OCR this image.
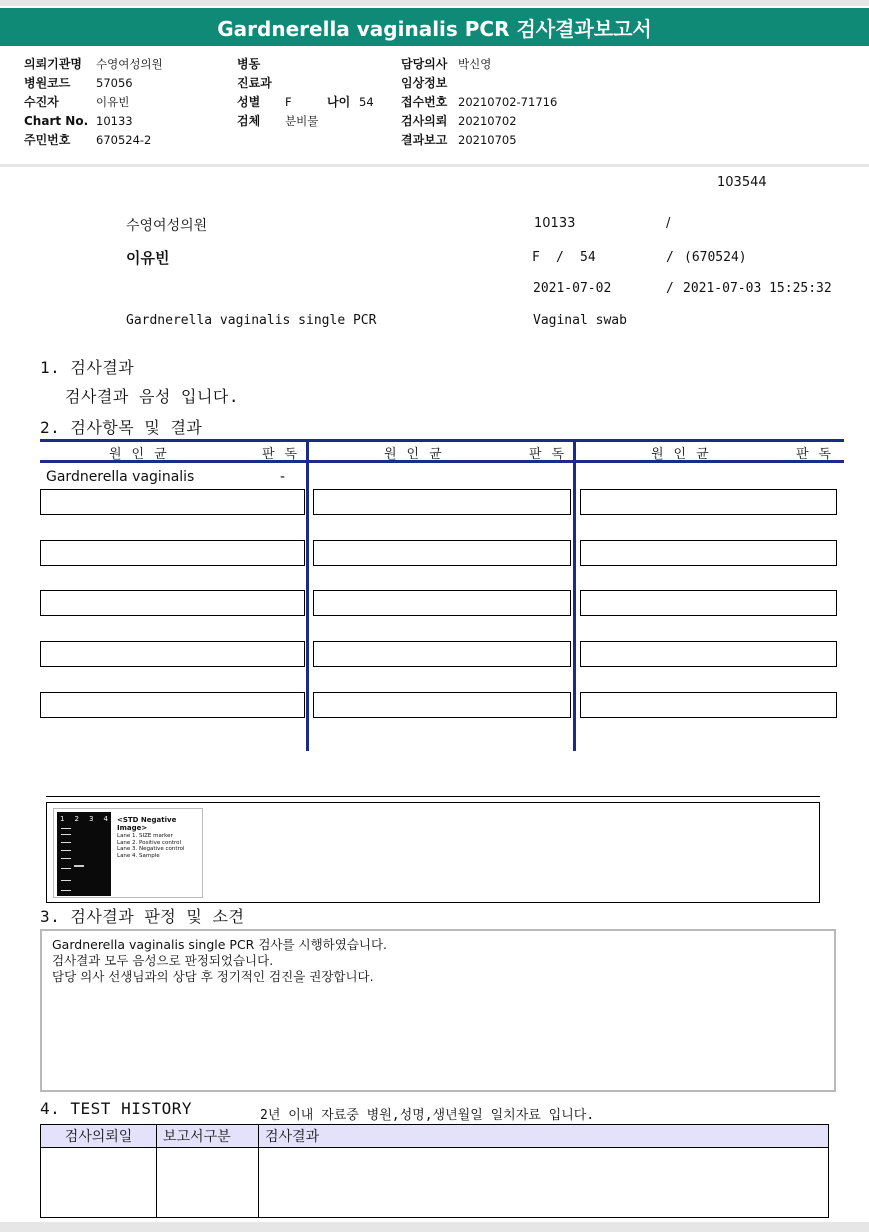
Gardnerella vaginalis PCR 검사결과보고서
의뢰기관명 수영여성의원
병원코드 57056
수진자	이유빈
Chart No. 10133
주민번호 670524-2
병동
진료과
성별 F	나이 54
검체 분비물
담당의사 박신영
임상정보
접수번호 20210702-71716
검사의뢰 20210702
결과보고 20210705
103544
수영여성의원	10133	/
이유빈	F / 54	/ (670524)
2021-07-02	/ 2021-07-03 15:25:32
Gardnerella vaginalis single PCR	Vaginal swab
1. 검사결과
검사결과 음성 입니다.
2. 검사항목 및 결과
원인균	판독	원인균	판독	원인균	판독
Gardnerella vaginalis	-
1 2 3 4 <STD Negative Image>
Lane 1. SIZE marker
Lane 2. Positive control
Lane 3. Negative control
Lane 4. Sample
3. 검사결과 판정 및 소견
Gardnerella vaginalis single PCR 검사를 시행하였습니다.
검사결과 모두 음성으로 판정되었습니다.
담당 의사 선생님과의 상담 후 정기적인 검진을 권장합니다.
4. TEST HISTORY	2년 이내 자료중 병원,성명,생년월일 일치자료 입니다.
검사의뢰일	보고서구분	검사결과
